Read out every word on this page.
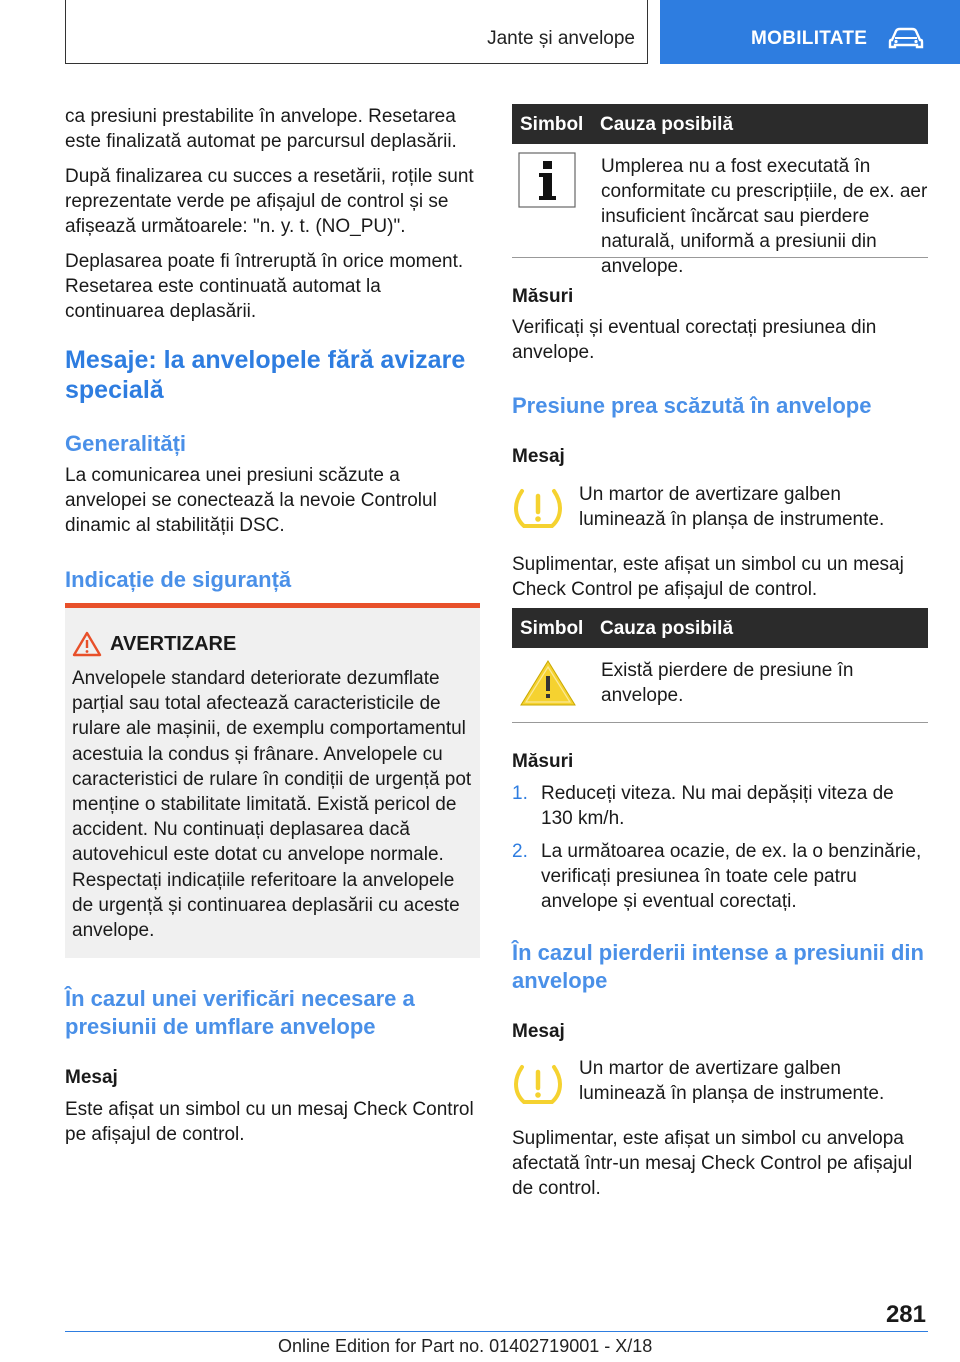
Jante și anvelope	MOBILITATE

ca presiuni prestabilite în anvelope. Resetarea este finalizată automat pe parcursul deplasării.

După finalizarea cu succes a resetării, roțile sunt reprezentate verde pe afișajul de control și se afișează următoarele: "n. y. t. (NO_PU)".

Deplasarea poate fi întreruptă în orice moment. Resetarea este continuată automat la continuarea deplasării.

Mesaje: la anvelopele fără avizare specială
Generalități
La comunicarea unei presiuni scăzute a anvelopei se conectează la nevoie Controlul dinamic al stabilității DSC.
Indicație de siguranță
AVERTIZARE
Anvelopele standard deteriorate dezumflate parțial sau total afectează caracteristicile de rulare ale mașinii, de exemplu comportamentul acestuia la condus și frânare. Anvelopele cu caracteristici de rulare în condiții de urgență pot menține o stabilitate limitată. Există pericol de accident. Nu continuați deplasarea dacă autovehicul este dotat cu anvelope normale. Respectați indicațiile referitoare la anvelopele de urgență și continuarea deplasării cu aceste anvelope.
În cazul unei verificări necesare a presiunii de umflare anvelope
Mesaj
Este afișat un simbol cu un mesaj Check Control pe afișajul de control.
Simbol Cauza posibilă
Umplerea nu a fost executată în conformitate cu prescripțiile, de ex. aer insuficient încărcat sau pierdere naturală, uniformă a presiunii din anvelope.
Măsuri
Verificați și eventual corectați presiunea din anvelope.
Presiune prea scăzută în anvelope
Mesaj
Un martor de avertizare galben luminează în planșa de instrumente.
Suplimentar, este afișat un simbol cu un mesaj Check Control pe afișajul de control.
Simbol Cauza posibilă
Există pierdere de presiune în anvelope.
Măsuri
1. Reduceți viteza. Nu mai depășiți viteza de 130 km/h.
2. La următoarea ocazie, de ex. la o benzinărie, verificați presiunea în toate cele patru anvelope și eventual corectați.
În cazul pierderii intense a presiunii din anvelope
Mesaj
Un martor de avertizare galben luminează în planșa de instrumente.
Suplimentar, este afișat un simbol cu anvelopa afectată într-un mesaj Check Control pe afișajul de control.
281
Online Edition for Part no. 01402719001 - X/18
